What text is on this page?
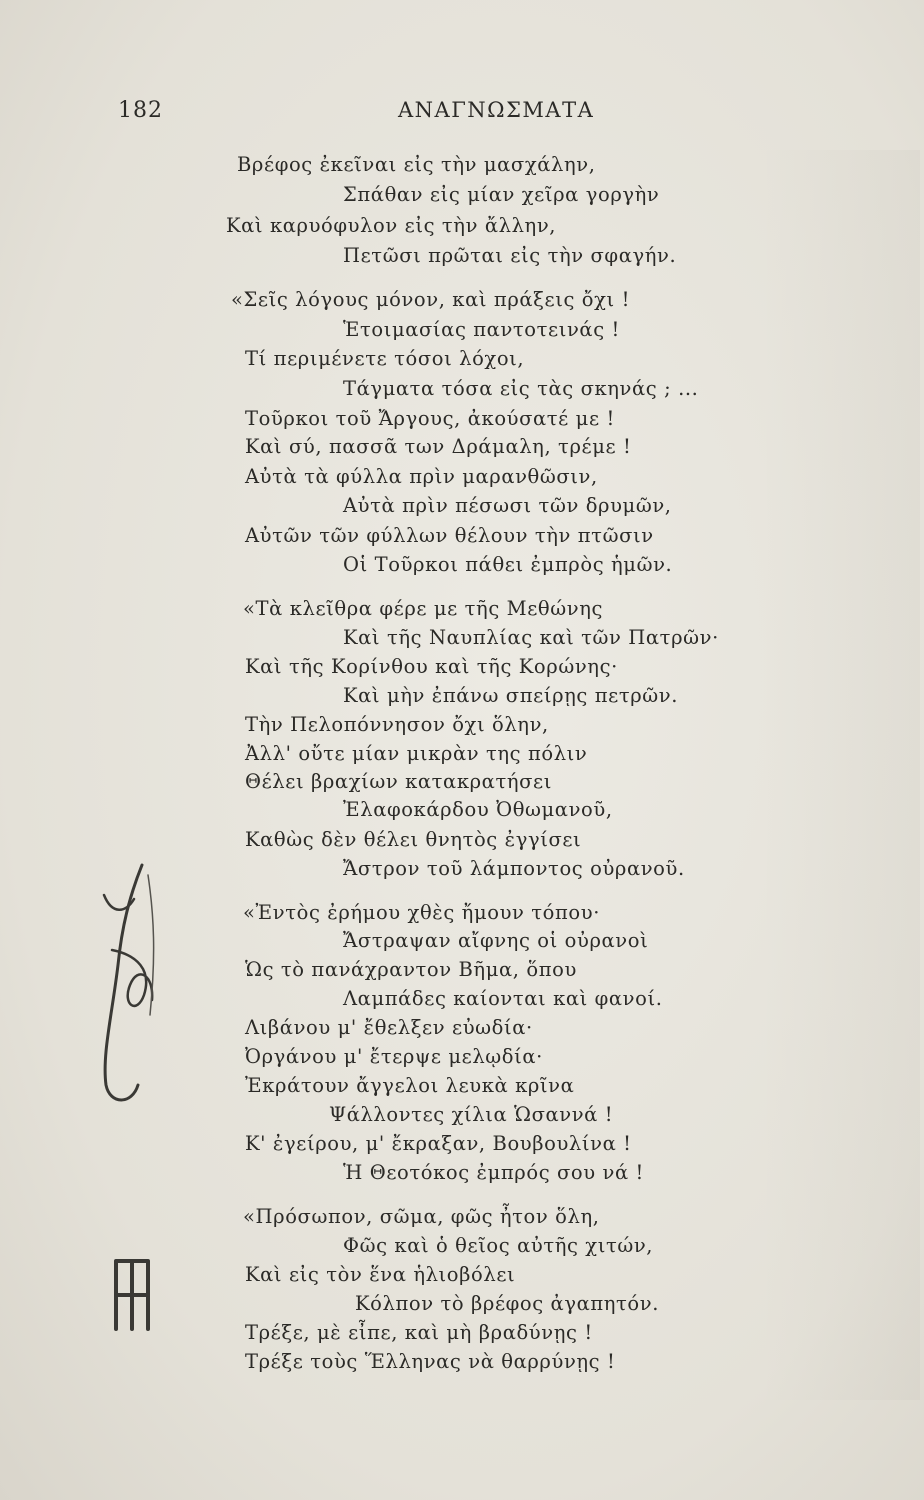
182	ΑΝΑΓΝΩΣΜΑΤΑ
Βρέφος ἐκεῖναι εἰς τὴν μασχάλην,
Σπάθαν εἰς μίαν χεῖρα γοργὴν
Καὶ καρυόφυλον εἰς τὴν ἄλλην,
Πετῶσι πρῶται εἰς τὴν σφαγήν.
«Σεῖς λόγους μόνον, καὶ πράξεις ὄχι !
Ἑτοιμασίας παντοτεινάς !
Τί περιμένετε τόσοι λόχοι,
Τάγματα τόσα εἰς τὰς σκηνάς ; ...
Τοῦρκοι τοῦ Ἄργους, ἀκούσατέ με !
Καὶ σύ, πασσᾶ των Δράμαλη, τρέμε !
Αὐτὰ τὰ φύλλα πρὶν μαρανθῶσιν,
Αὐτὰ πρὶν πέσωσι τῶν δρυμῶν,
Αὐτῶν τῶν φύλλων θέλουν τὴν πτῶσιν
Οἱ Τοῦρκοι πάθει ἐμπρὸς ἡμῶν.
«Τὰ κλεῖθρα φέρε με τῆς Μεθώνης
Καὶ τῆς Ναυπλίας καὶ τῶν Πατρῶν·
Καὶ τῆς Κορίνθου καὶ τῆς Κορώνης·
Καὶ μὴν ἐπάνω σπείρῃς πετρῶν.
Τὴν Πελοπόννησον ὄχι ὅλην,
Ἀλλ' οὔτε μίαν μικρὰν της πόλιν
Θέλει βραχίων κατακρατήσει
Ἐλαφοκάρδου Ὀθωμανοῦ,
Καθὼς δὲν θέλει θνητὸς ἐγγίσει
Ἄστρον τοῦ λάμποντος οὐρανοῦ.
«Ἐντὸς ἐρήμου χθὲς ἤμουν τόπου·
Ἄστραψαν αἴφνης οἱ οὐρανοὶ
Ὡς τὸ πανάχραντον Βῆμα, ὅπου
Λαμπάδες καίονται καὶ φανοί.
Λιβάνου μ' ἔθελξεν εὐωδία·
Ὀργάνου μ' ἔτερψε μελῳδία·
Ἐκράτουν ἄγγελοι λευκὰ κρῖνα
Ψάλλοντες χίλια Ὡσαννά !
Κ' ἐγείρου, μ' ἔκραξαν, Βουβουλίνα !
Ἡ Θεοτόκος ἐμπρός σου νά !
«Πρόσωπον, σῶμα, φῶς ἦτον ὅλη,
Φῶς καὶ ὁ θεῖος αὐτῆς χιτών,
Καὶ εἰς τὸν ἕνα ἡλιοβόλει
Κόλπον τὸ βρέφος ἀγαπητόν.
Τρέξε, μὲ εἶπε, καὶ μὴ βραδύνῃς !
Τρέξε τοὺς Ἕλληνας νὰ θαρρύνῃς !
